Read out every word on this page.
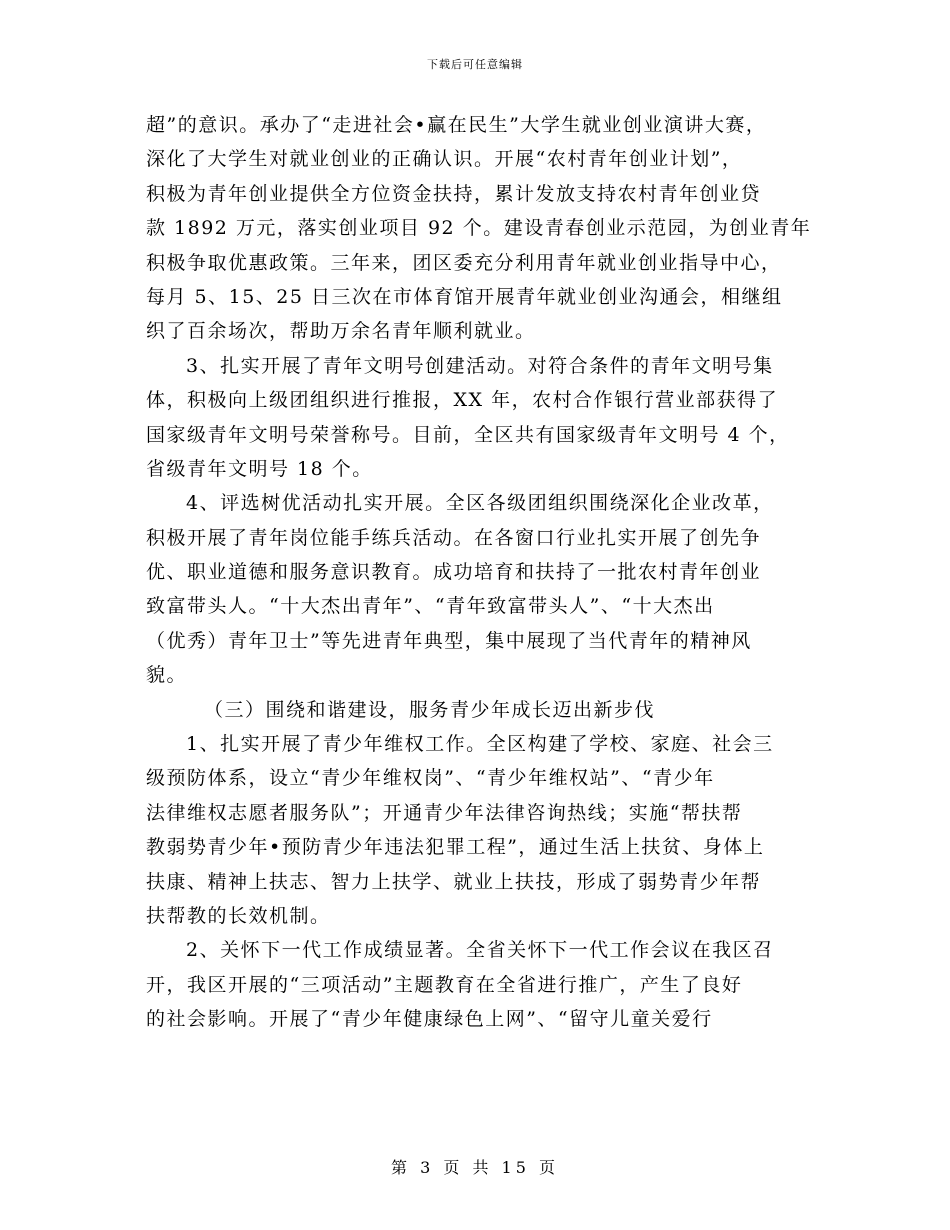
下载后可任意编辑
超”的意识。承办了“走进社会•赢在民生”大学生就业创业演讲大赛，
深化了大学生对就业创业的正确认识。开展“农村青年创业计划”，
积极为青年创业提供全方位资金扶持，累计发放支持农村青年创业贷
款 1892 万元，落实创业项目 92 个。建设青春创业示范园，为创业青年
积极争取优惠政策。三年来，团区委充分利用青年就业创业指导中心，
每月 5、15、25 日三次在市体育馆开展青年就业创业沟通会，相继组
织了百余场次，帮助万余名青年顺利就业。
3、扎实开展了青年文明号创建活动。对符合条件的青年文明号集
体，积极向上级团组织进行推报，XX 年，农村合作银行营业部获得了
国家级青年文明号荣誉称号。目前，全区共有国家级青年文明号 4 个，
省级青年文明号 18 个。
4、评选树优活动扎实开展。全区各级团组织围绕深化企业改革，
积极开展了青年岗位能手练兵活动。在各窗口行业扎实开展了创先争
优、职业道德和服务意识教育。成功培育和扶持了一批农村青年创业
致富带头人。“十大杰出青年”、“青年致富带头人”、“十大杰出
（优秀）青年卫士”等先进青年典型，集中展现了当代青年的精神风
貌。
（三）围绕和谐建设，服务青少年成长迈出新步伐
1、扎实开展了青少年维权工作。全区构建了学校、家庭、社会三
级预防体系，设立“青少年维权岗”、“青少年维权站”、“青少年
法律维权志愿者服务队”；开通青少年法律咨询热线；实施“帮扶帮
教弱势青少年•预防青少年违法犯罪工程”，通过生活上扶贫、身体上
扶康、精神上扶志、智力上扶学、就业上扶技，形成了弱势青少年帮
扶帮教的长效机制。
2、关怀下一代工作成绩显著。全省关怀下一代工作会议在我区召
开，我区开展的“三项活动”主题教育在全省进行推广，产生了良好
的社会影响。开展了“青少年健康绿色上网”、“留守儿童关爱行
第 3 页 共 15 页
